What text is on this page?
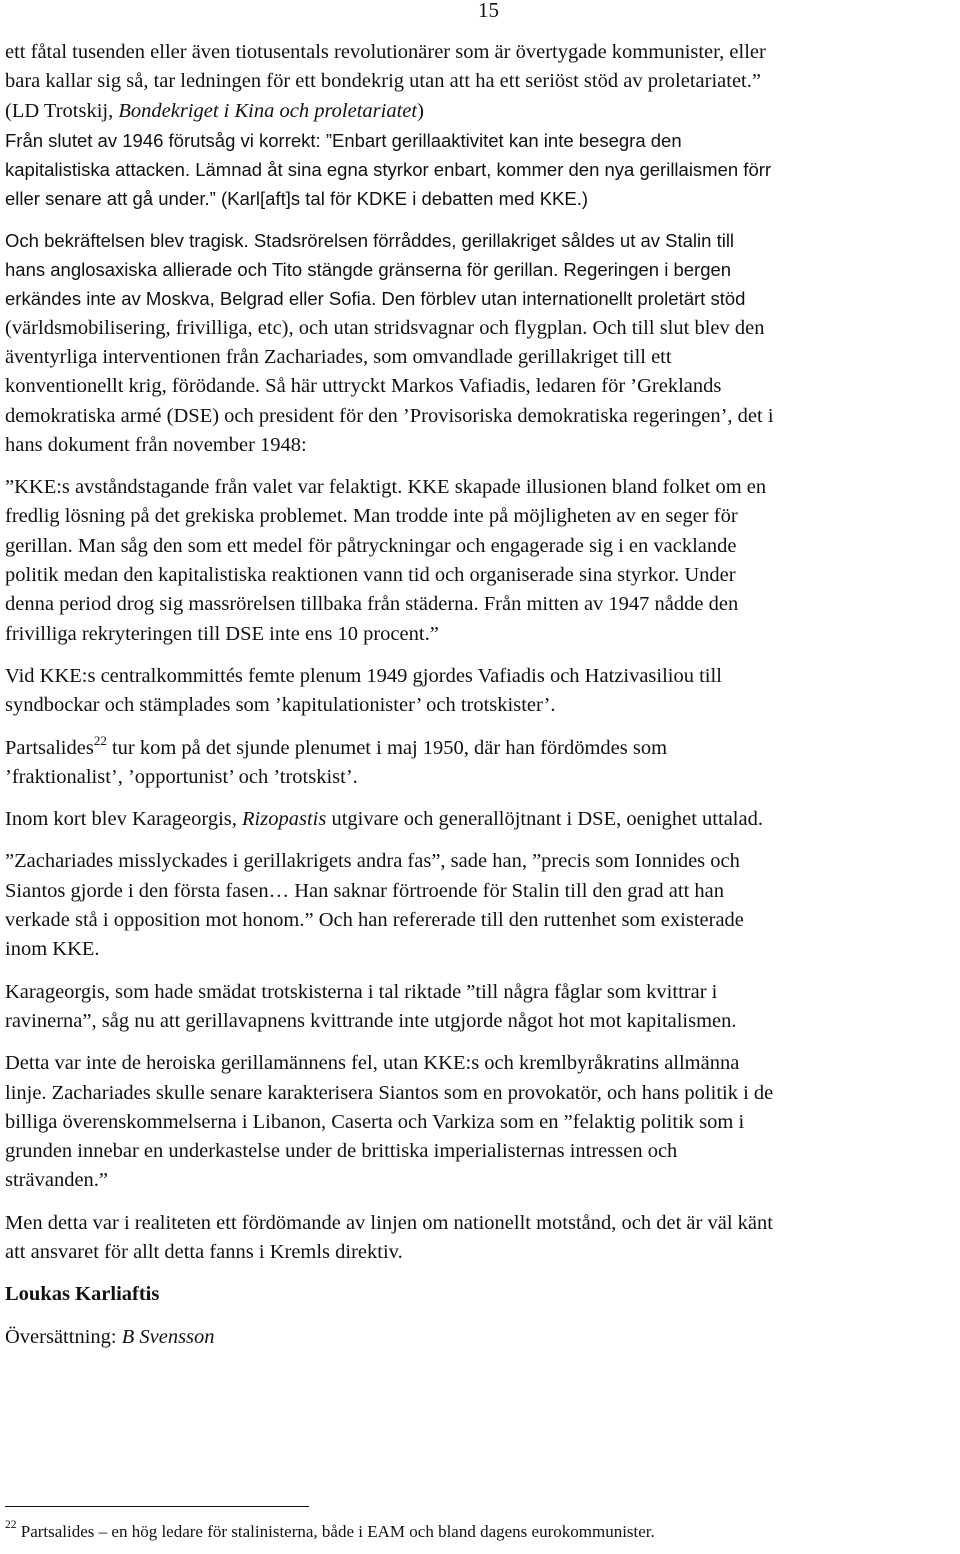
15

ett fåtal tusenden eller även tiotusentals revolutionärer som är övertygade kommunister, eller
bara kallar sig så, tar ledningen för ett bondekrig utan att ha ett seriöst stöd av proletariatet.”
(LD Trotskij, Bondekriget i Kina och proletariatet)

Från slutet av 1946 förutsåg vi korrekt: ”Enbart gerillaaktivitet kan inte besegra den
kapitalistiska attacken. Lämnad åt sina egna styrkor enbart, kommer den nya gerillaismen förr
eller senare att gå under.” (Karl[aft]s tal för KDKE i debatten med KKE.)

Och bekräftelsen blev tragisk. Stadsrörelsen förråddes, gerillakriget såldes ut av Stalin till
hans anglosaxiska allierade och Tito stängde gränserna för gerillan. Regeringen i bergen
erkändes inte av Moskva, Belgrad eller Sofia. Den förblev utan internationellt proletärt stöd
(världsmobilisering, frivilliga, etc), och utan stridsvagnar och flygplan. Och till slut blev den
äventyrliga interventionen från Zachariades, som omvandlade gerillakriget till ett
konventionellt krig, förödande. Så här uttryckt Markos Vafiadis, ledaren för ’Greklands
demokratiska armé (DSE) och president för den ’Provisoriska demokratiska regeringen’, det i
hans dokument från november 1948:

”KKE:s avståndstagande från valet var felaktigt. KKE skapade illusionen bland folket om en
fredlig lösning på det grekiska problemet. Man trodde inte på möjligheten av en seger för
gerillan. Man såg den som ett medel för påtryckningar och engagerade sig i en vacklande
politik medan den kapitalistiska reaktionen vann tid och organiserade sina styrkor. Under
denna period drog sig massrörelsen tillbaka från städerna. Från mitten av 1947 nådde den
frivilliga rekryteringen till DSE inte ens 10 procent.”

Vid KKE:s centralkommittés femte plenum 1949 gjordes Vafiadis och Hatzivasiliou till
syndbockar och stämplades som ’kapitulationister’ och trotskister’.

Partsalides$^{22}$ tur kom på det sjunde plenumet i maj 1950, där han fördömdes som
’fraktionalist’, ’opportunist’ och ’trotskist’.

Inom kort blev Karageorgis, Rizopastis utgivare och generallöjtnant i DSE, oenighet uttalad.

”Zachariades misslyckades i gerillakrigets andra fas”, sade han, ”precis som Ionnides och
Siantos gjorde i den första fasen… Han saknar förtroende för Stalin till den grad att han
verkade stå i opposition mot honom.” Och han refererade till den ruttenhet som existerade
inom KKE.

Karageorgis, som hade smädat trotskisterna i tal riktade ”till några fåglar som kvittrar i
ravinerna”, såg nu att gerillavapnens kvittrande inte utgjorde något hot mot kapitalismen.

Detta var inte de heroiska gerillamännens fel, utan KKE:s och kremlbyråkratins allmänna
linje. Zachariades skulle senare karakterisera Siantos som en provokatör, och hans politik i de
billiga överenskommelserna i Libanon, Caserta och Varkiza som en ”felaktig politik som i
grunden innebar en underkastelse under de brittiska imperialisternas intressen och
strävanden.”

Men detta var i realiteten ett fördömande av linjen om nationellt motstånd, och det är väl känt
att ansvaret för allt detta fanns i Kremls direktiv.

Loukas Karliaftis

Översättning: B Svensson

$^{22}$ Partsalides – en hög ledare för stalinisterna, både i EAM och bland dagens eurokommunister.
